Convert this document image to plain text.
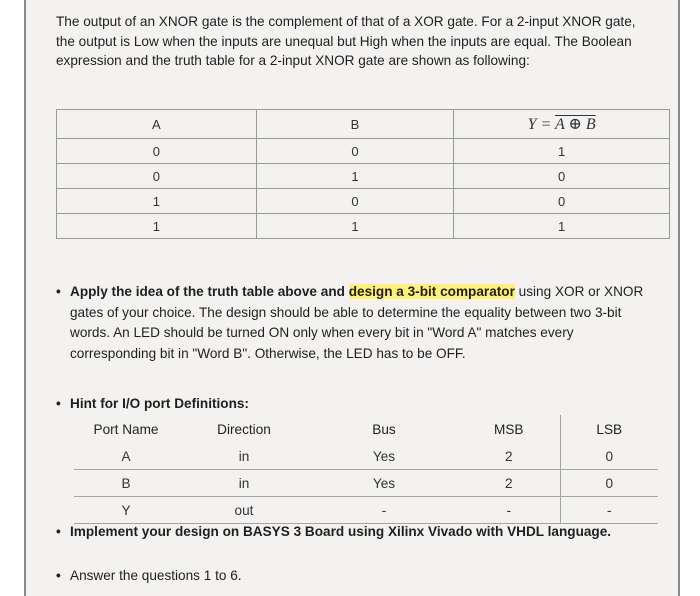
The output of an XNOR gate is the complement of that of a XOR gate. For a 2-input XNOR gate, the output is Low when the inputs are unequal but High when the inputs are equal. The Boolean expression and the truth table for a 2-input XNOR gate are shown as following:

A	B	Y = A ⊕ B
0	0	1
0	1	0
1	0	0
1	1	1

• Apply the idea of the truth table above and design a 3-bit comparator using XOR or XNOR gates of your choice. The design should be able to determine the equality between two 3-bit words. An LED should be turned ON only when every bit in "Word A" matches every corresponding bit in "Word B". Otherwise, the LED has to be OFF.

• Hint for I/O port Definitions:

Port Name	Direction	Bus	MSB	LSB
A	in	Yes	2	0
B	in	Yes	2	0
Y	out	-	-	-

• Implement your design on BASYS 3 Board using Xilinx Vivado with VHDL language.

• Answer the questions 1 to 6.
